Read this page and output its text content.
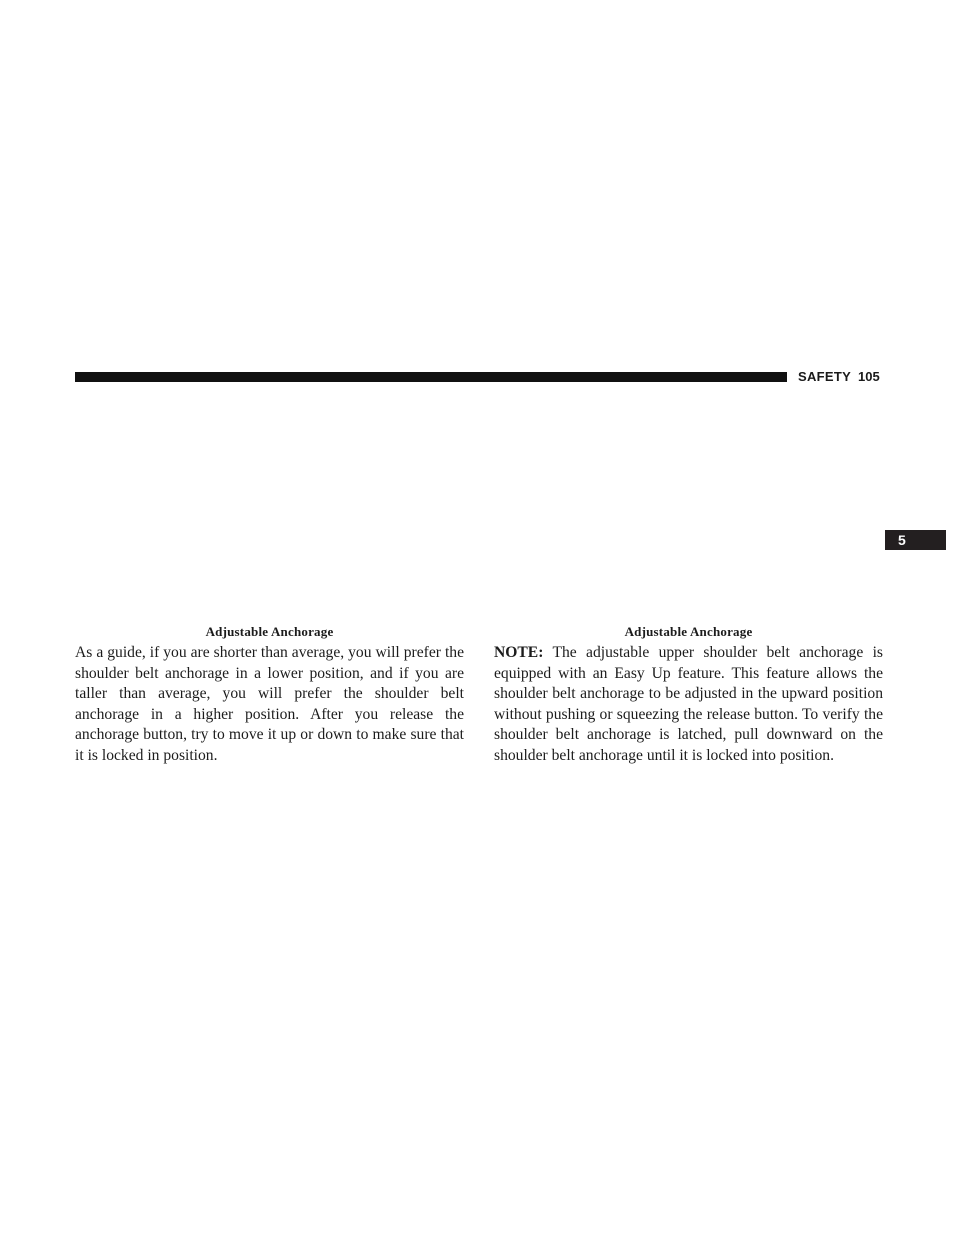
SAFETY 105
5

Adjustable Anchorage

As a guide, if you are shorter than average, you will prefer the shoulder belt anchorage in a lower position, and if you are taller than average, you will prefer the shoulder belt anchorage in a higher position. After you release the anchorage button, try to move it up or down to make sure that it is locked in position.

Adjustable Anchorage

NOTE: The adjustable upper shoulder belt anchorage is equipped with an Easy Up feature. This feature allows the shoulder belt anchorage to be adjusted in the upward position without pushing or squeezing the release button. To verify the shoulder belt anchorage is latched, pull downward on the shoulder belt anchorage until it is locked into position.
